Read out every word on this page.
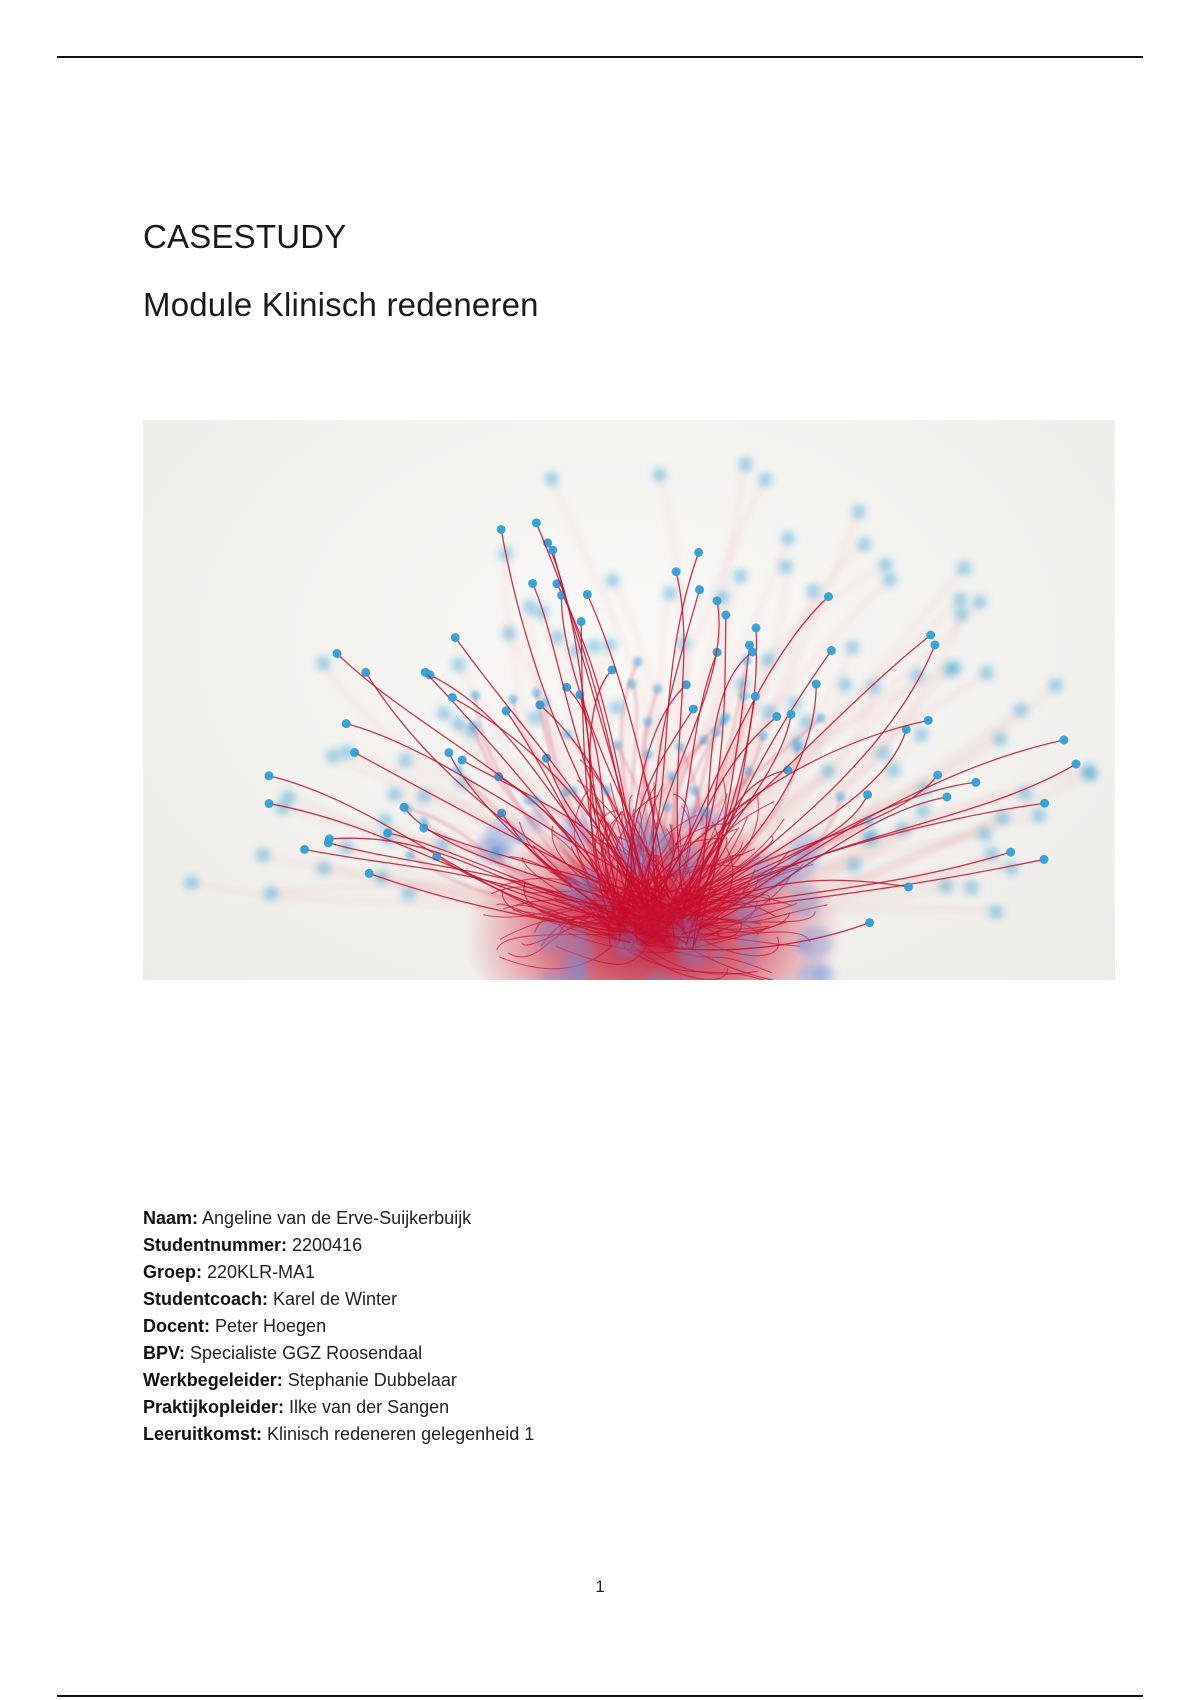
CASESTUDY
Module Klinisch redeneren
Naam: Angeline van de Erve-Suijkerbuijk
Studentnummer: 2200416
Groep: 220KLR-MA1
Studentcoach: Karel de Winter
Docent: Peter Hoegen
BPV: Specialiste GGZ Roosendaal
Werkbegeleider: Stephanie Dubbelaar
Praktijkopleider: Ilke van der Sangen
Leeruitkomst: Klinisch redeneren gelegenheid 1
1
